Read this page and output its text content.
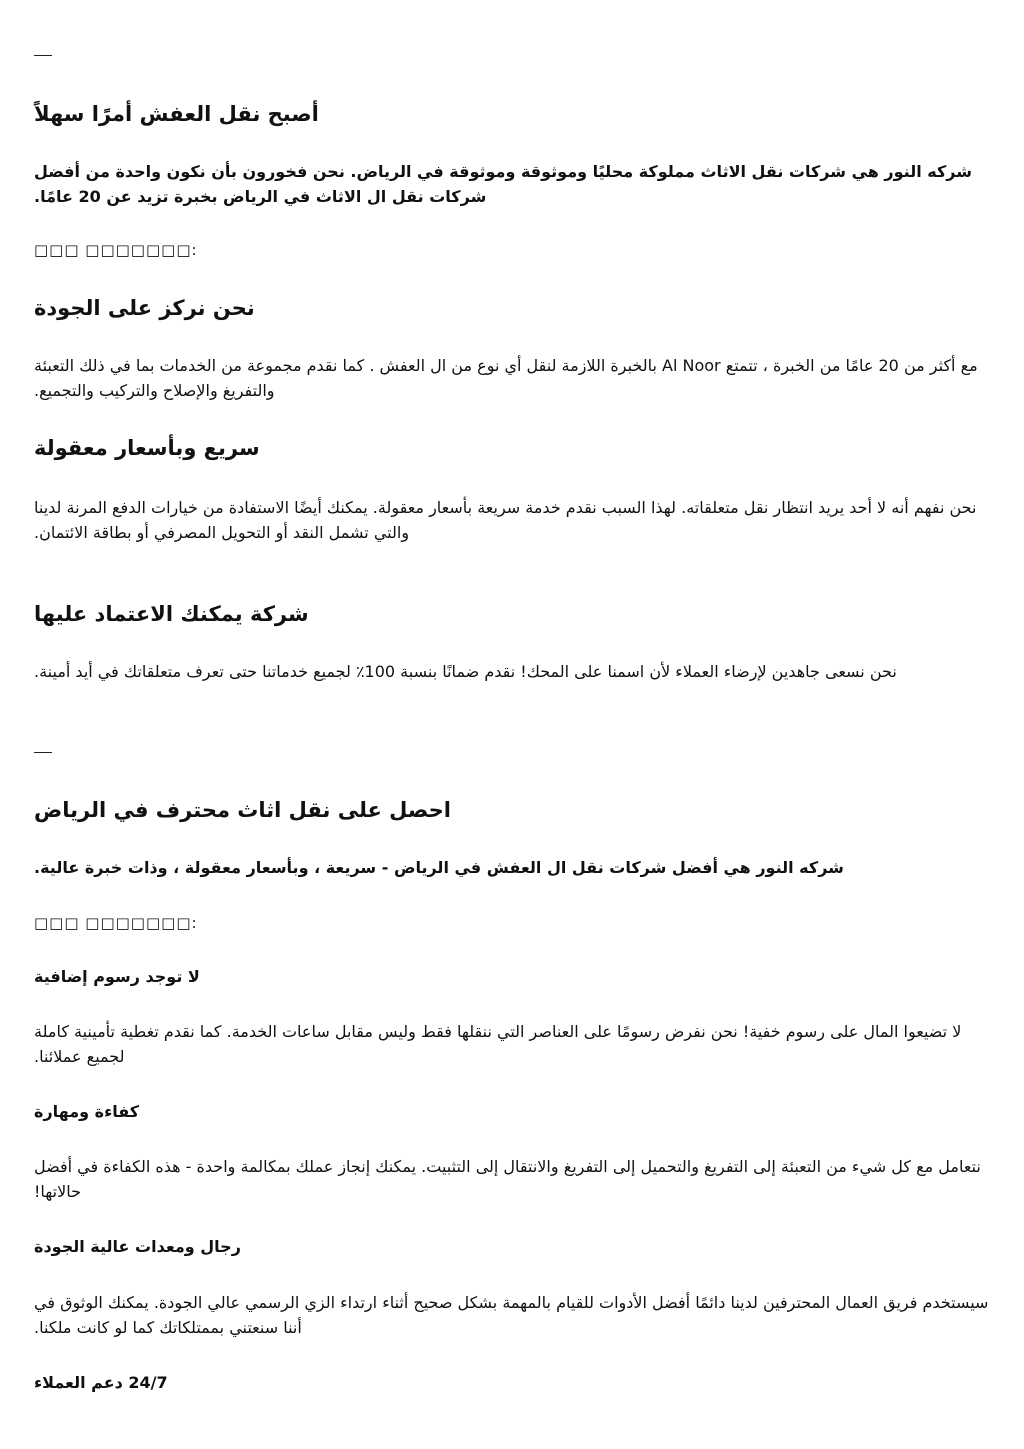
أصبح نقل العفش أمرًا سهلاً

شركه النور هي شركات نقل الاثاث مملوكة محليًا وموثوقة وموثوقة في الرياض. نحن فخورون بأن نكون واحدة من أفضل شركات نقل ال الاثاث في الرياض بخبرة تزيد عن 20 عامًا.

□□□ □□□□□□□:

نحن نركز على الجودة

مع أكثر من 20 عامًا من الخبرة ، تتمتع Al Noor بالخبرة اللازمة لنقل أي نوع من ال العفش . كما نقدم مجموعة من الخدمات بما في ذلك التعبئة والتفريغ والإصلاح والتركيب والتجميع.

سريع وبأسعار معقولة

نحن نفهم أنه لا أحد يريد انتظار نقل متعلقاته. لهذا السبب نقدم خدمة سريعة بأسعار معقولة. يمكنك أيضًا الاستفادة من خيارات الدفع المرنة لدينا والتي تشمل النقد أو التحويل المصرفي أو بطاقة الائتمان.

شركة يمكنك الاعتماد عليها

نحن نسعى جاهدين لإرضاء العملاء لأن اسمنا على المحك! نقدم ضمانًا بنسبة 100٪ لجميع خدماتنا حتى تعرف متعلقاتك في أيد أمينة.

احصل على نقل اثاث محترف في الرياض

شركه النور هي أفضل شركات نقل ال العفش في الرياض - سريعة ، وبأسعار معقولة ، وذات خبرة عالية.

□□□ □□□□□□□:

لا توجد رسوم إضافية

لا تضيعوا المال على رسوم خفية! نحن نفرض رسومًا على العناصر التي ننقلها فقط وليس مقابل ساعات الخدمة. كما نقدم تغطية تأمينية كاملة لجميع عملائنا.

كفاءة ومهارة

نتعامل مع كل شيء من التعبئة إلى التفريغ والتحميل إلى التفريغ والانتقال إلى التثبيت. يمكنك إنجاز عملك بمكالمة واحدة - هذه الكفاءة في أفضل حالاتها!

رجال ومعدات عالية الجودة

سيستخدم فريق العمال المحترفين لدينا دائمًا أفضل الأدوات للقيام بالمهمة بشكل صحيح أثناء ارتداء الزي الرسمي عالي الجودة. يمكنك الوثوق في أننا سنعتني بممتلكاتك كما لو كانت ملكنا.

24/7 دعم العملاء
